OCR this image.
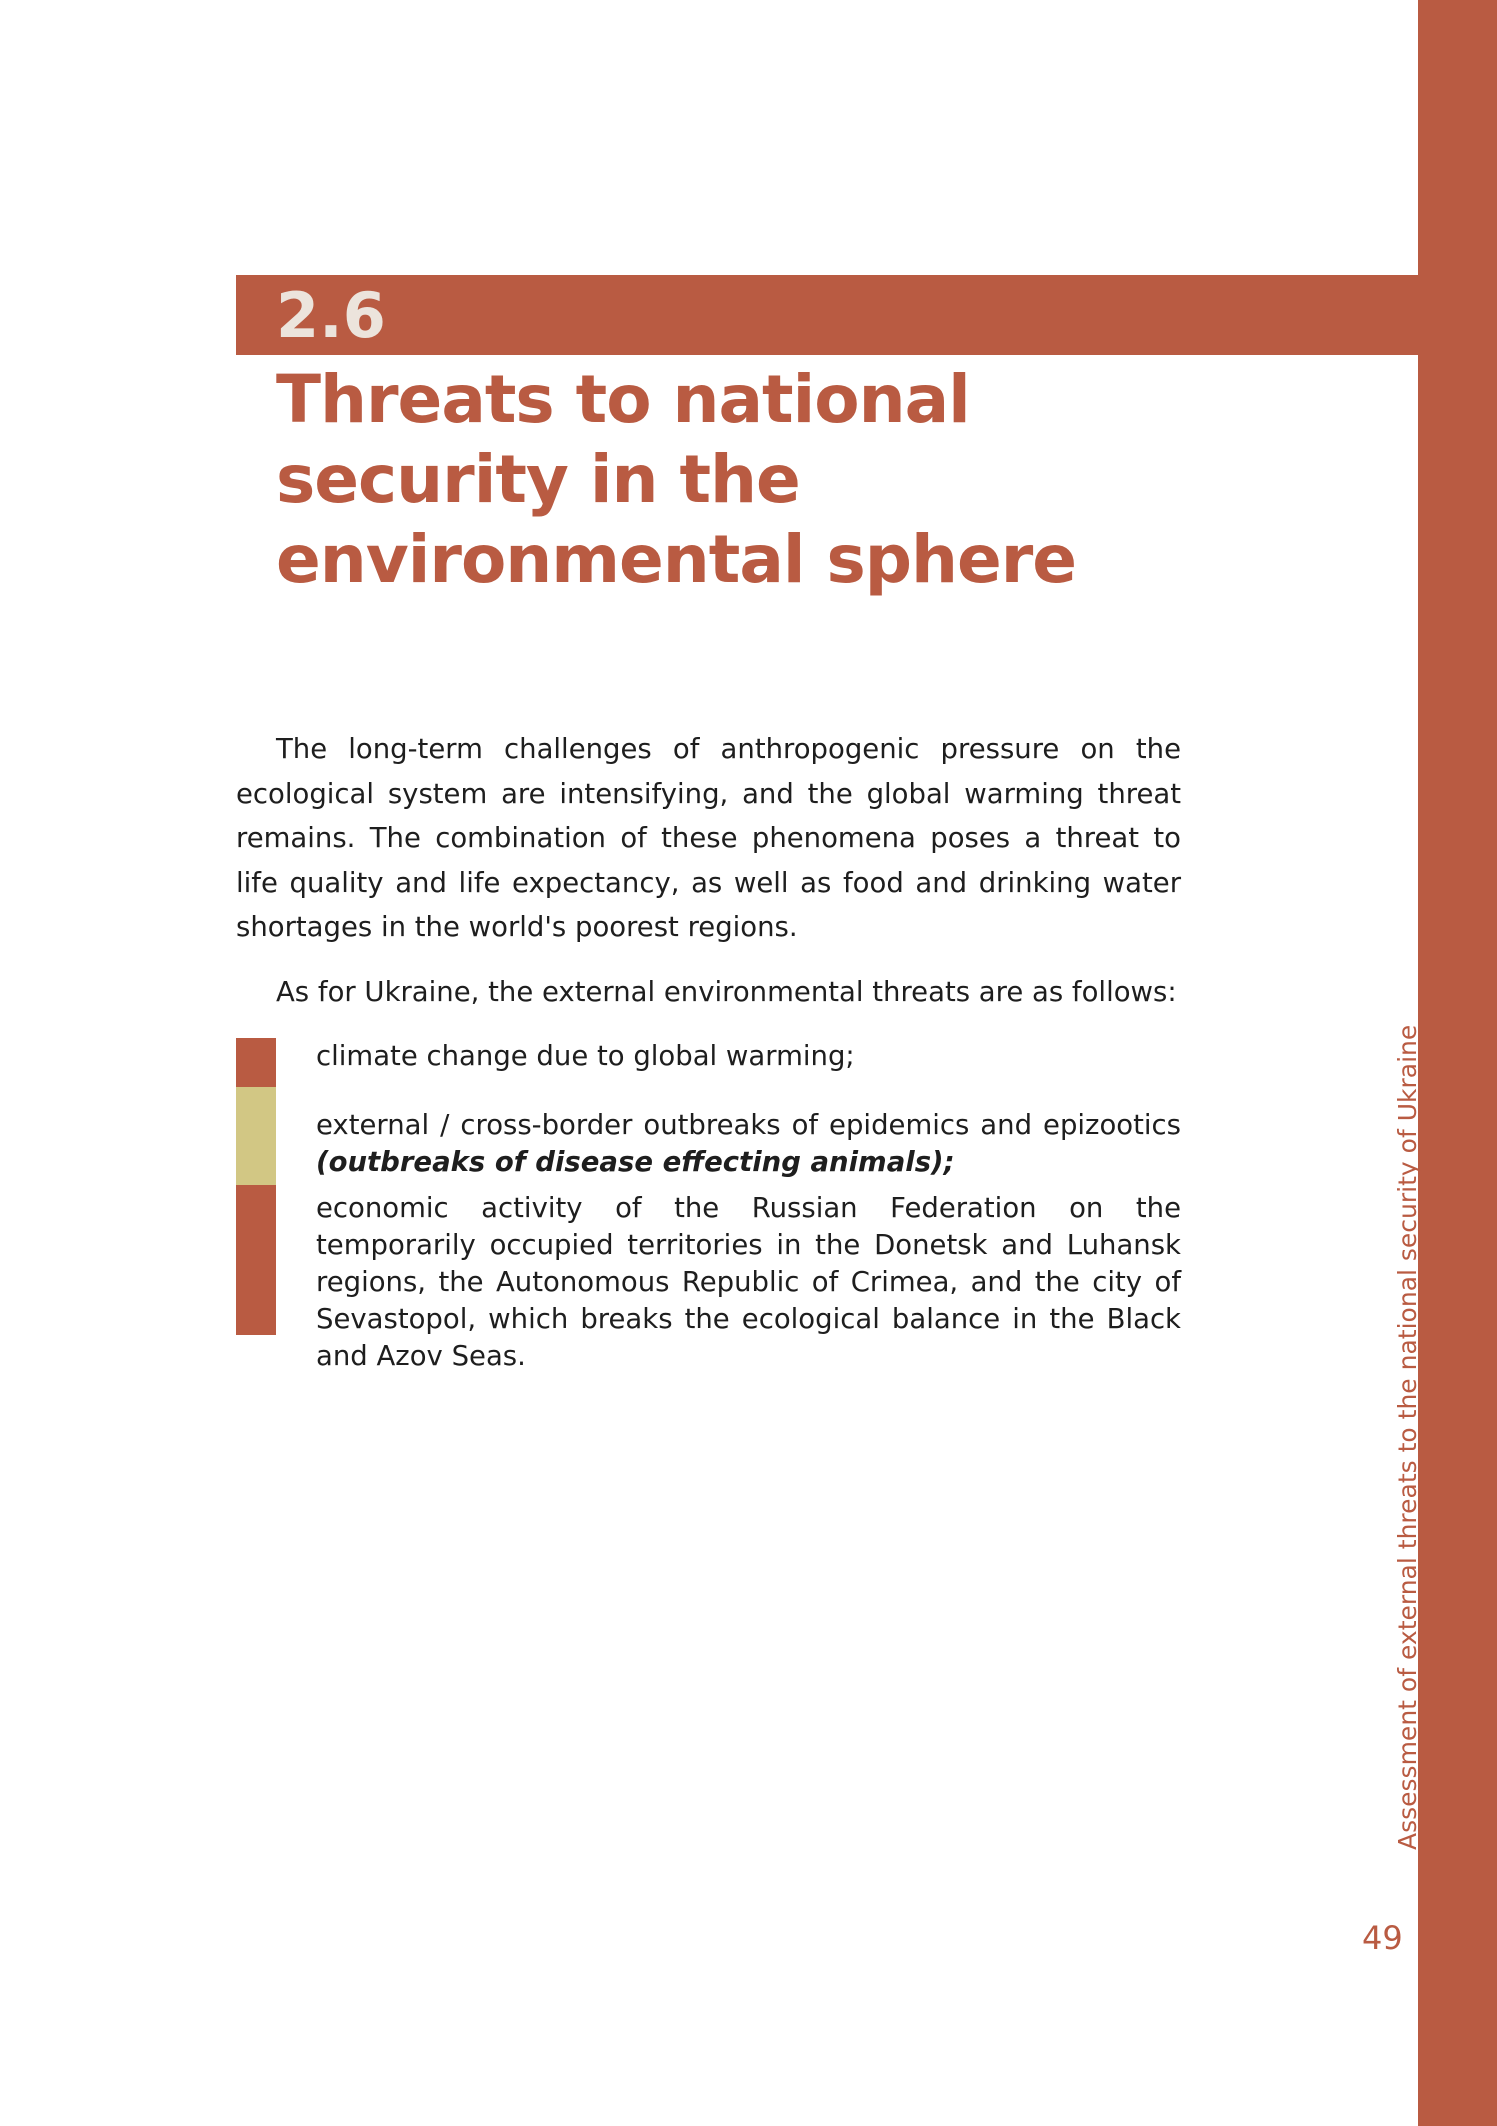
2.6
Threats to national security in the environmental sphere

The long-term challenges of anthropogenic pressure on the ecological system are intensifying, and the global warming threat remains. The combination of these phenomena poses a threat to life quality and life expectancy, as well as food and drinking water shortages in the world's poorest regions.

As for Ukraine, the external environmental threats are as follows:

climate change due to global warming;

external / cross-border outbreaks of epidemics and epizootics (outbreaks of disease effecting animals);

economic activity of the Russian Federation on the temporarily occupied territories in the Donetsk and Luhansk regions, the Autonomous Republic of Crimea, and the city of Sevastopol, which breaks the ecological balance in the Black and Azov Seas.	Assessment of external threats to the national security of Ukraine
49
